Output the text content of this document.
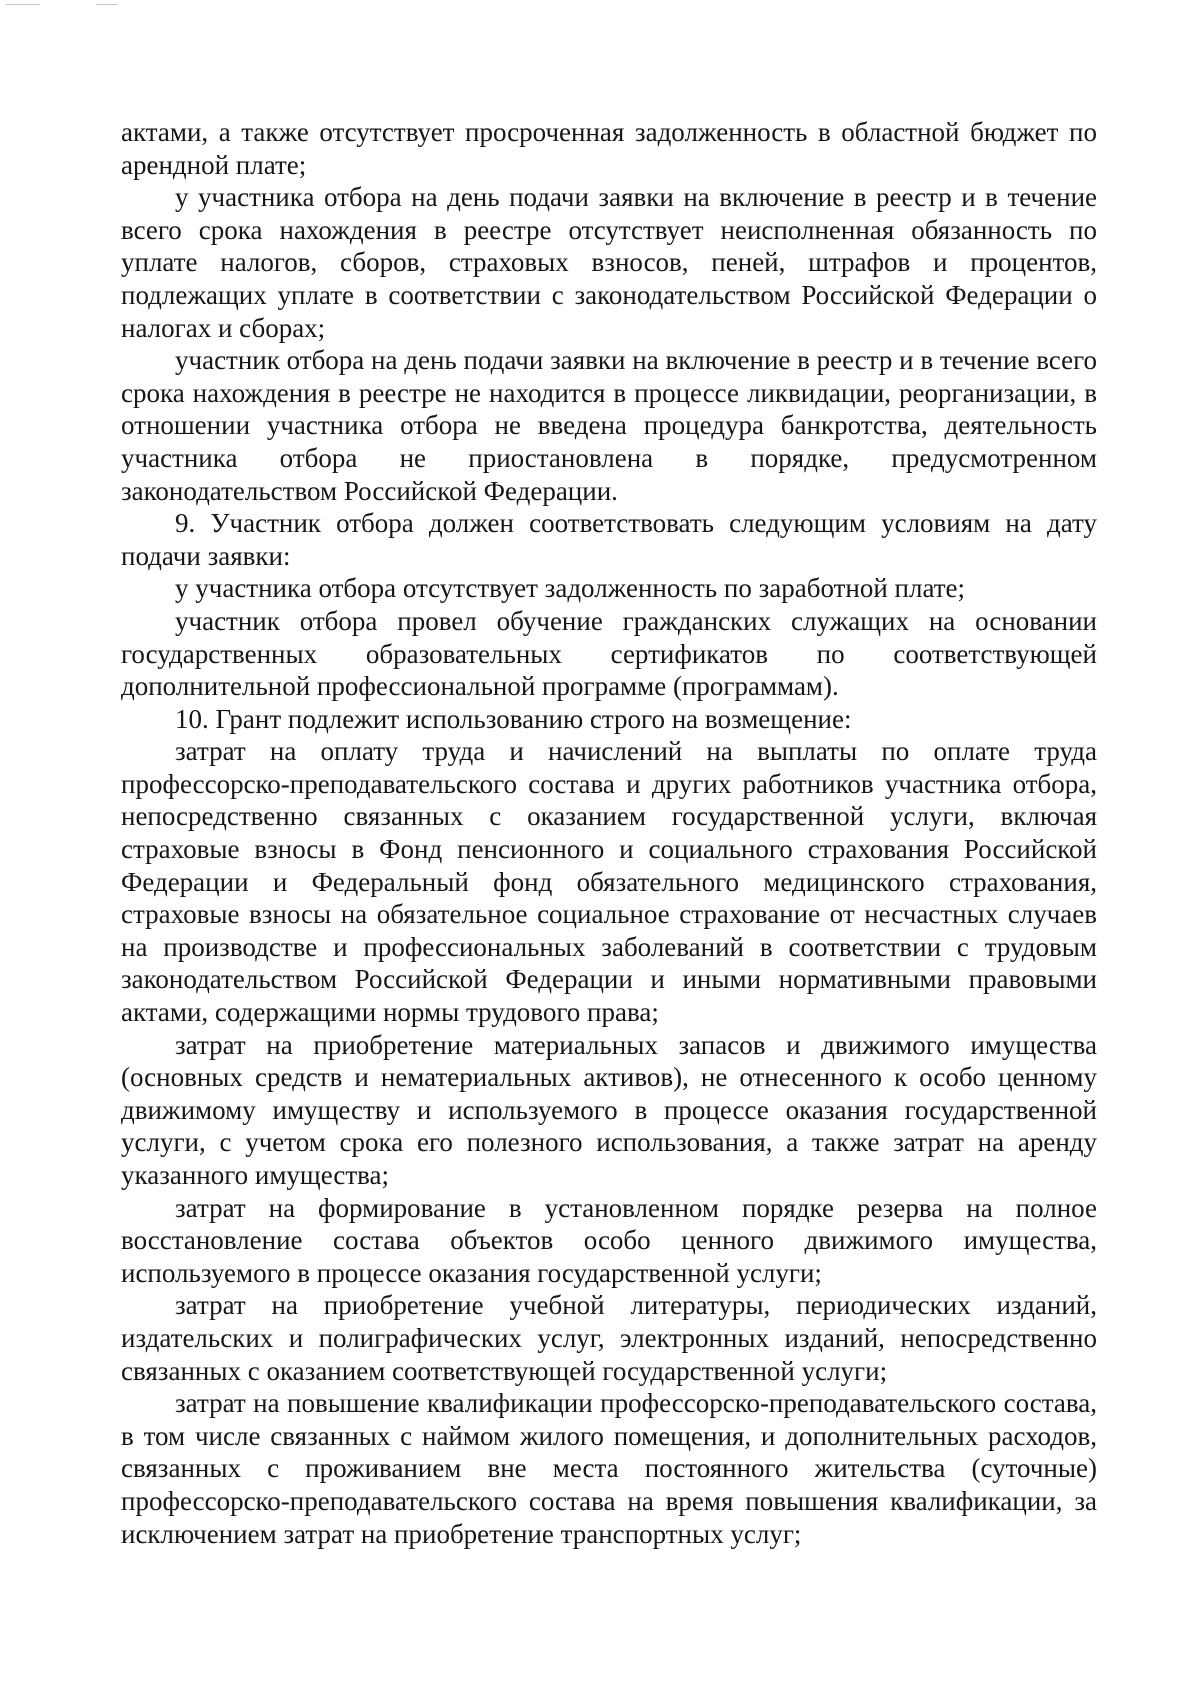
актами, а также отсутствует просроченная задолженность в областной бюджет по арендной плате;

у участника отбора на день подачи заявки на включение в реестр и в течение всего срока нахождения в реестре отсутствует неисполненная обязанность по уплате налогов, сборов, страховых взносов, пеней, штрафов и процентов, подлежащих уплате в соответствии с законодательством Российской Федерации о налогах и сборах;

участник отбора на день подачи заявки на включение в реестр и в течение всего срока нахождения в реестре не находится в процессе ликвидации, реорганизации, в отношении участника отбора не введена процедура банкротства, деятельность участника отбора не приостановлена в порядке, предусмотренном законодательством Российской Федерации.

9. Участник отбора должен соответствовать следующим условиям на дату подачи заявки:

у участника отбора отсутствует задолженность по заработной плате;

участник отбора провел обучение гражданских служащих на основании государственных образовательных сертификатов по соответствующей дополнительной профессиональной программе (программам).

10. Грант подлежит использованию строго на возмещение:

затрат на оплату труда и начислений на выплаты по оплате труда профессорско-преподавательского состава и других работников участника отбора, непосредственно связанных с оказанием государственной услуги, включая страховые взносы в Фонд пенсионного и социального страхования Российской Федерации и Федеральный фонд обязательного медицинского страхования, страховые взносы на обязательное социальное страхование от несчастных случаев на производстве и профессиональных заболеваний в соответствии с трудовым законодательством Российской Федерации и иными нормативными правовыми актами, содержащими нормы трудового права;

затрат на приобретение материальных запасов и движимого имущества (основных средств и нематериальных активов), не отнесенного к особо ценному движимому имуществу и используемого в процессе оказания государственной услуги, с учетом срока его полезного использования, а также затрат на аренду указанного имущества;

затрат на формирование в установленном порядке резерва на полное восстановление состава объектов особо ценного движимого имущества, используемого в процессе оказания государственной услуги;

затрат на приобретение учебной литературы, периодических изданий, издательских и полиграфических услуг, электронных изданий, непосредственно связанных с оказанием соответствующей государственной услуги;

затрат на повышение квалификации профессорско-преподавательского состава, в том числе связанных с наймом жилого помещения, и дополнительных расходов, связанных с проживанием вне места постоянного жительства (суточные) профессорско-преподавательского состава на время повышения квалификации, за исключением затрат на приобретение транспортных услуг;
